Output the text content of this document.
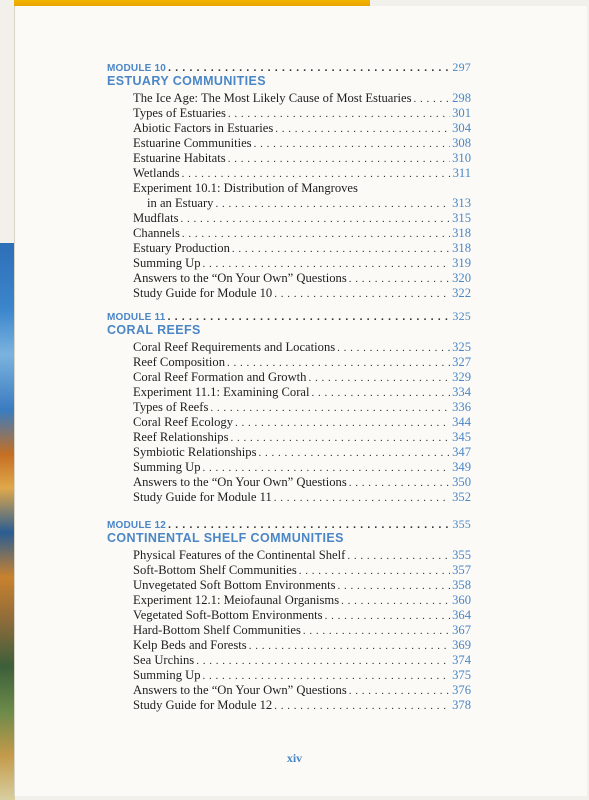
MODULE 10 . . .	297
ESTUARY COMMUNITIES
The Ice Age: The Most Likely Cause of Most Estuaries . . .	298
Types of Estuaries . . .	301
Abiotic Factors in Estuaries . . .	304
Estuarine Communities . . .	308
Estuarine Habitats . . .	310
Wetlands . . .	311
Experiment 10.1: Distribution of Mangroves
in an Estuary . . .	313
Mudflats . . .	315
Channels . . .	318
Estuary Production . . .	318
Summing Up . . .	319
Answers to the “On Your Own” Questions . . .	320
Study Guide for Module 10 . . .	322
MODULE 11 . . .	325
CORAL REEFS
Coral Reef Requirements and Locations . . .	325
Reef Composition . . .	327
Coral Reef Formation and Growth . . .	329
Experiment 11.1: Examining Coral . . .	334
Types of Reefs . . .	336
Coral Reef Ecology . . .	344
Reef Relationships . . .	345
Symbiotic Relationships . . .	347
Summing Up . . .	349
Answers to the “On Your Own” Questions . . .	350
Study Guide for Module 11 . . .	352
MODULE 12 . . .	355
CONTINENTAL SHELF COMMUNITIES
Physical Features of the Continental Shelf . . .	355
Soft-Bottom Shelf Communities . . .	357
Unvegetated Soft Bottom Environments . . .	358
Experiment 12.1: Meiofaunal Organisms . . .	360
Vegetated Soft-Bottom Environments . . .	364
Hard-Bottom Shelf Communities . . .	367
Kelp Beds and Forests . . .	369
Sea Urchins . . .	374
Summing Up . . .	375
Answers to the “On Your Own” Questions . . .	376
Study Guide for Module 12 . . .	378
xiv
